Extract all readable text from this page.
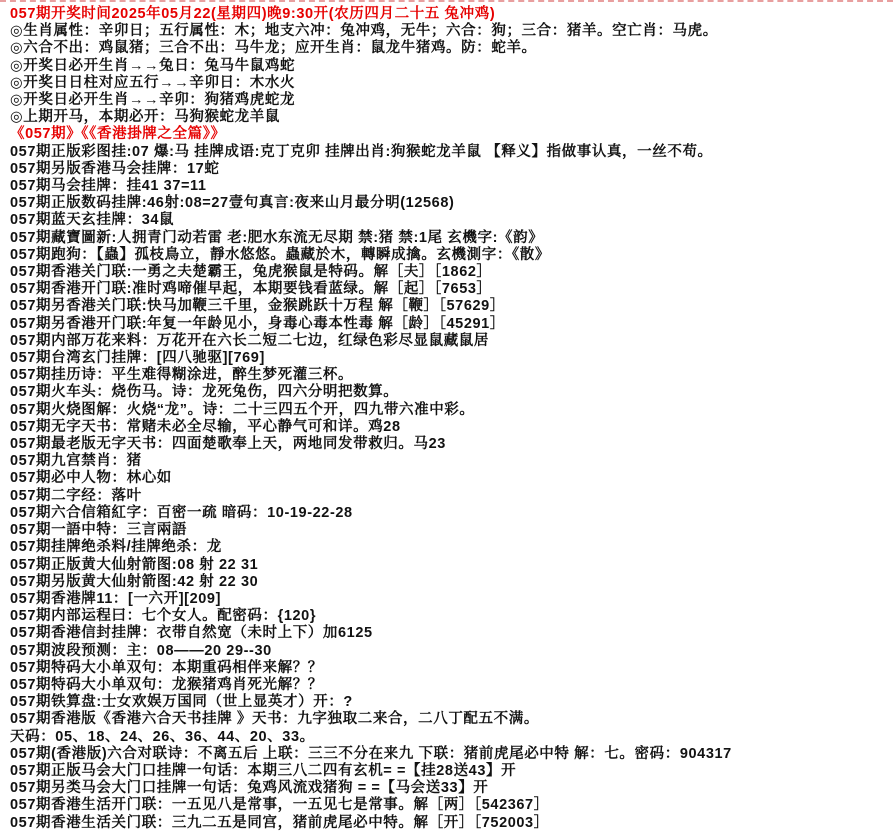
057期开奖时间2025年05月22(星期四)晚9:30开(农历四月二十五 兔冲鸡)
◎生肖属性：辛卯日；五行属性：木；地支六冲：兔冲鸡，无牛；六合：狗；三合：猪羊。空亡肖：马虎。
◎六合不出：鸡鼠猪；三合不出：马牛龙；应开生肖：鼠龙牛猪鸡。防：蛇羊。
◎开奖日必开生肖→→兔日：兔马牛鼠鸡蛇
◎开奖日日柱对应五行→→辛卯日：木水火
◎开奖日必开生肖→→辛卯：狗猪鸡虎蛇龙
◎上期开马，本期必开：马狗猴蛇龙羊鼠
《057期》《《香港掛牌之全篇》》
057期正版彩图挂:07 爆:马 挂牌成语:克丁克卯 挂牌出肖:狗猴蛇龙羊鼠 【释义】指做事认真，一丝不苟。
057期另版香港马会挂牌：17蛇
057期马会挂牌：挂41 37=11
057期正版数码挂牌:46射:08=27壹句真言:夜来山月最分明(12568)
057期蓝天玄挂牌：34鼠
057期藏寶圖新:人拥青门动若雷 老:肥水东流无尽期 禁:猪 禁:1尾 玄機字:《韵》
057期跑狗：【蟲】孤枝鳥立，靜水悠悠。蟲藏於木，轉瞬成擒。玄機測字：《散》
057期香港关门联:一勇之夫楚霸王，兔虎猴鼠是特码。解［夫］［1862］
057期香港开门联:准时鸡啼催早起，本期要钱看蓝绿。解［起］［7653］
057期另香港关门联:快马加鞭三千里，金猴跳跃十万程 解［鞭］［57629］
057期另香港开门联:年复一年龄见小，身毒心毒本性毒 解［龄］［45291］
057期内部万花来料：万花开在六长二短二七边，红绿色彩尽显鼠藏鼠居
057期台湾玄门挂牌：[四八驰驱][769]
057期挂历诗：平生难得糊涂进，醉生梦死灌三杯。
057期火车头：烧伤马。诗：龙死兔伤，四六分明把数算。
057期火烧图解：火烧“龙”。诗：二十三四五个开，四九带六准中彩。
057期无字天书：常赌未必全尽输，平心静气可和详。鸡28
057期最老版无字天书：四面楚歌奉上天，两地同发带救归。马23
057期九宫禁肖：猪
057期必中人物：林心如
057期二字经：落叶
057期六合信箱紅字：百密一疏 暗码：10-19-22-28
057期一語中特：三言兩語
057期挂牌绝杀料/挂牌绝杀：龙
057期正版黄大仙射箭图:08 射 22 31
057期另版黄大仙射箭图:42 射 22 30
057期香港牌11：[一六开][209]
057期内部运程曰：七个女人。配密码：{120}
057期香港信封挂牌：衣带自然宽（未时上下）加6125
057期波段预测：主：08——20 29--30
057期特码大小单双句：本期重码相伴来解？？
057期特码大小单双句：龙猴猪鸡肖死光解？？
057期铁算盘:士女欢娱万国同（世上显英才）开：?
057期香港版《香港六合天书挂牌 》天书：九字独取二来合，二八丁配五不满。
天码：05、18、24、26、36、44、20、33。
057期(香港版)六合对联诗：不离五后 上联：三三不分在来九 下联：猪前虎尾必中特 解：七。密码：904317
057期正版马会大门口挂牌一句话：本期三八二四有玄机= =【挂28送43】开
057期另类马会大门口挂牌一句话：兔鸡风流戏猪狗 = =【马会送33】开
057期香港生活开门联：一五见八是常事，一五见七是常事。解［两］［542367］
057期香港生活关门联：三九二五是同宫，猪前虎尾必中特。解［开］［752003］
